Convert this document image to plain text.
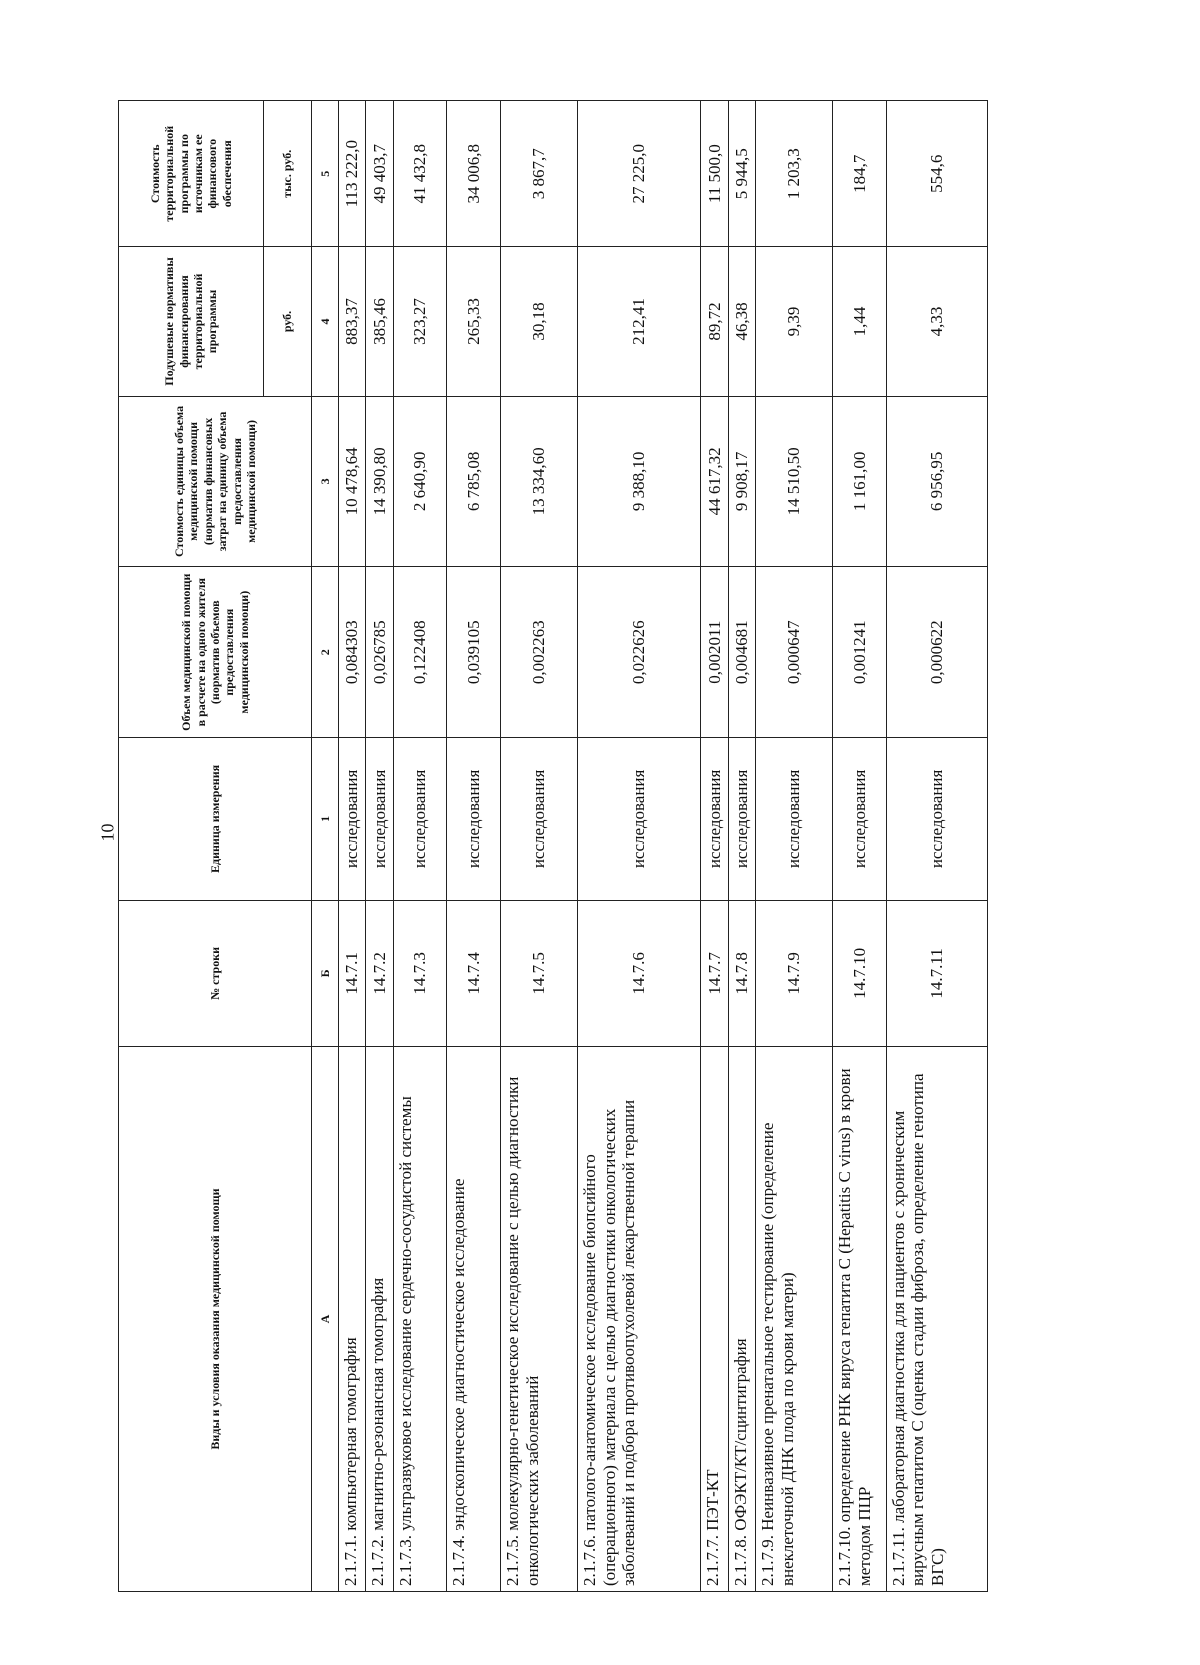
10
Виды и условия оказания медицинской помощи	№ строки	Единица измерения	Объем медицинской помощи в расчете на одного жителя (норматив объемов предоставления медицинской помощи)	Стоимость единицы объема медицинской помощи (норматив финансовых затрат на единицу объема предоставления медицинской помощи)	Подушевые нормативы финансирования территориальной программы	Стоимость территориальной программы по источникам ее финансового обеспечения
					руб.	тыс. руб.
А	Б	1	2	3	4	5
2.1.7.1. компьютерная томография	14.7.1	исследования	0,084303	10 478,64	883,37	113 222,0
2.1.7.2. магнитно-резонансная томография	14.7.2	исследования	0,026785	14 390,80	385,46	49 403,7
2.1.7.3. ультразвуковое исследование сердечно-сосудистой системы	14.7.3	исследования	0,122408	2 640,90	323,27	41 432,8
2.1.7.4. эндоскопическое диагностическое исследование	14.7.4	исследования	0,039105	6 785,08	265,33	34 006,8
2.1.7.5. молекулярно-генетическое исследование с целью диагностики онкологических заболеваний	14.7.5	исследования	0,002263	13 334,60	30,18	3 867,7
2.1.7.6. патолого-анатомическое исследование биопсийного (операционного) материала с целью диагностики онкологических заболеваний и подбора противоопухолевой лекарственной терапии	14.7.6	исследования	0,022626	9 388,10	212,41	27 225,0
2.1.7.7. ПЭТ-КТ	14.7.7	исследования	0,002011	44 617,32	89,72	11 500,0
2.1.7.8. ОФЭКТ/КТ/сцинтиграфия	14.7.8	исследования	0,004681	9 908,17	46,38	5 944,5
2.1.7.9. Неинвазивное пренатальное тестирование (определение внеклеточной ДНК плода по крови матери)	14.7.9	исследования	0,000647	14 510,50	9,39	1 203,3
2.1.7.10. определение РНК вируса гепатита С (Hepatitis C virus) в крови методом ПЦР	14.7.10	исследования	0,001241	1 161,00	1,44	184,7
2.1.7.11. лабораторная диагностика для пациентов с хроническим вирусным гепатитом С (оценка стадии фиброза, определение генотипа ВГС)	14.7.11	исследования	0,000622	6 956,95	4,33	554,6
